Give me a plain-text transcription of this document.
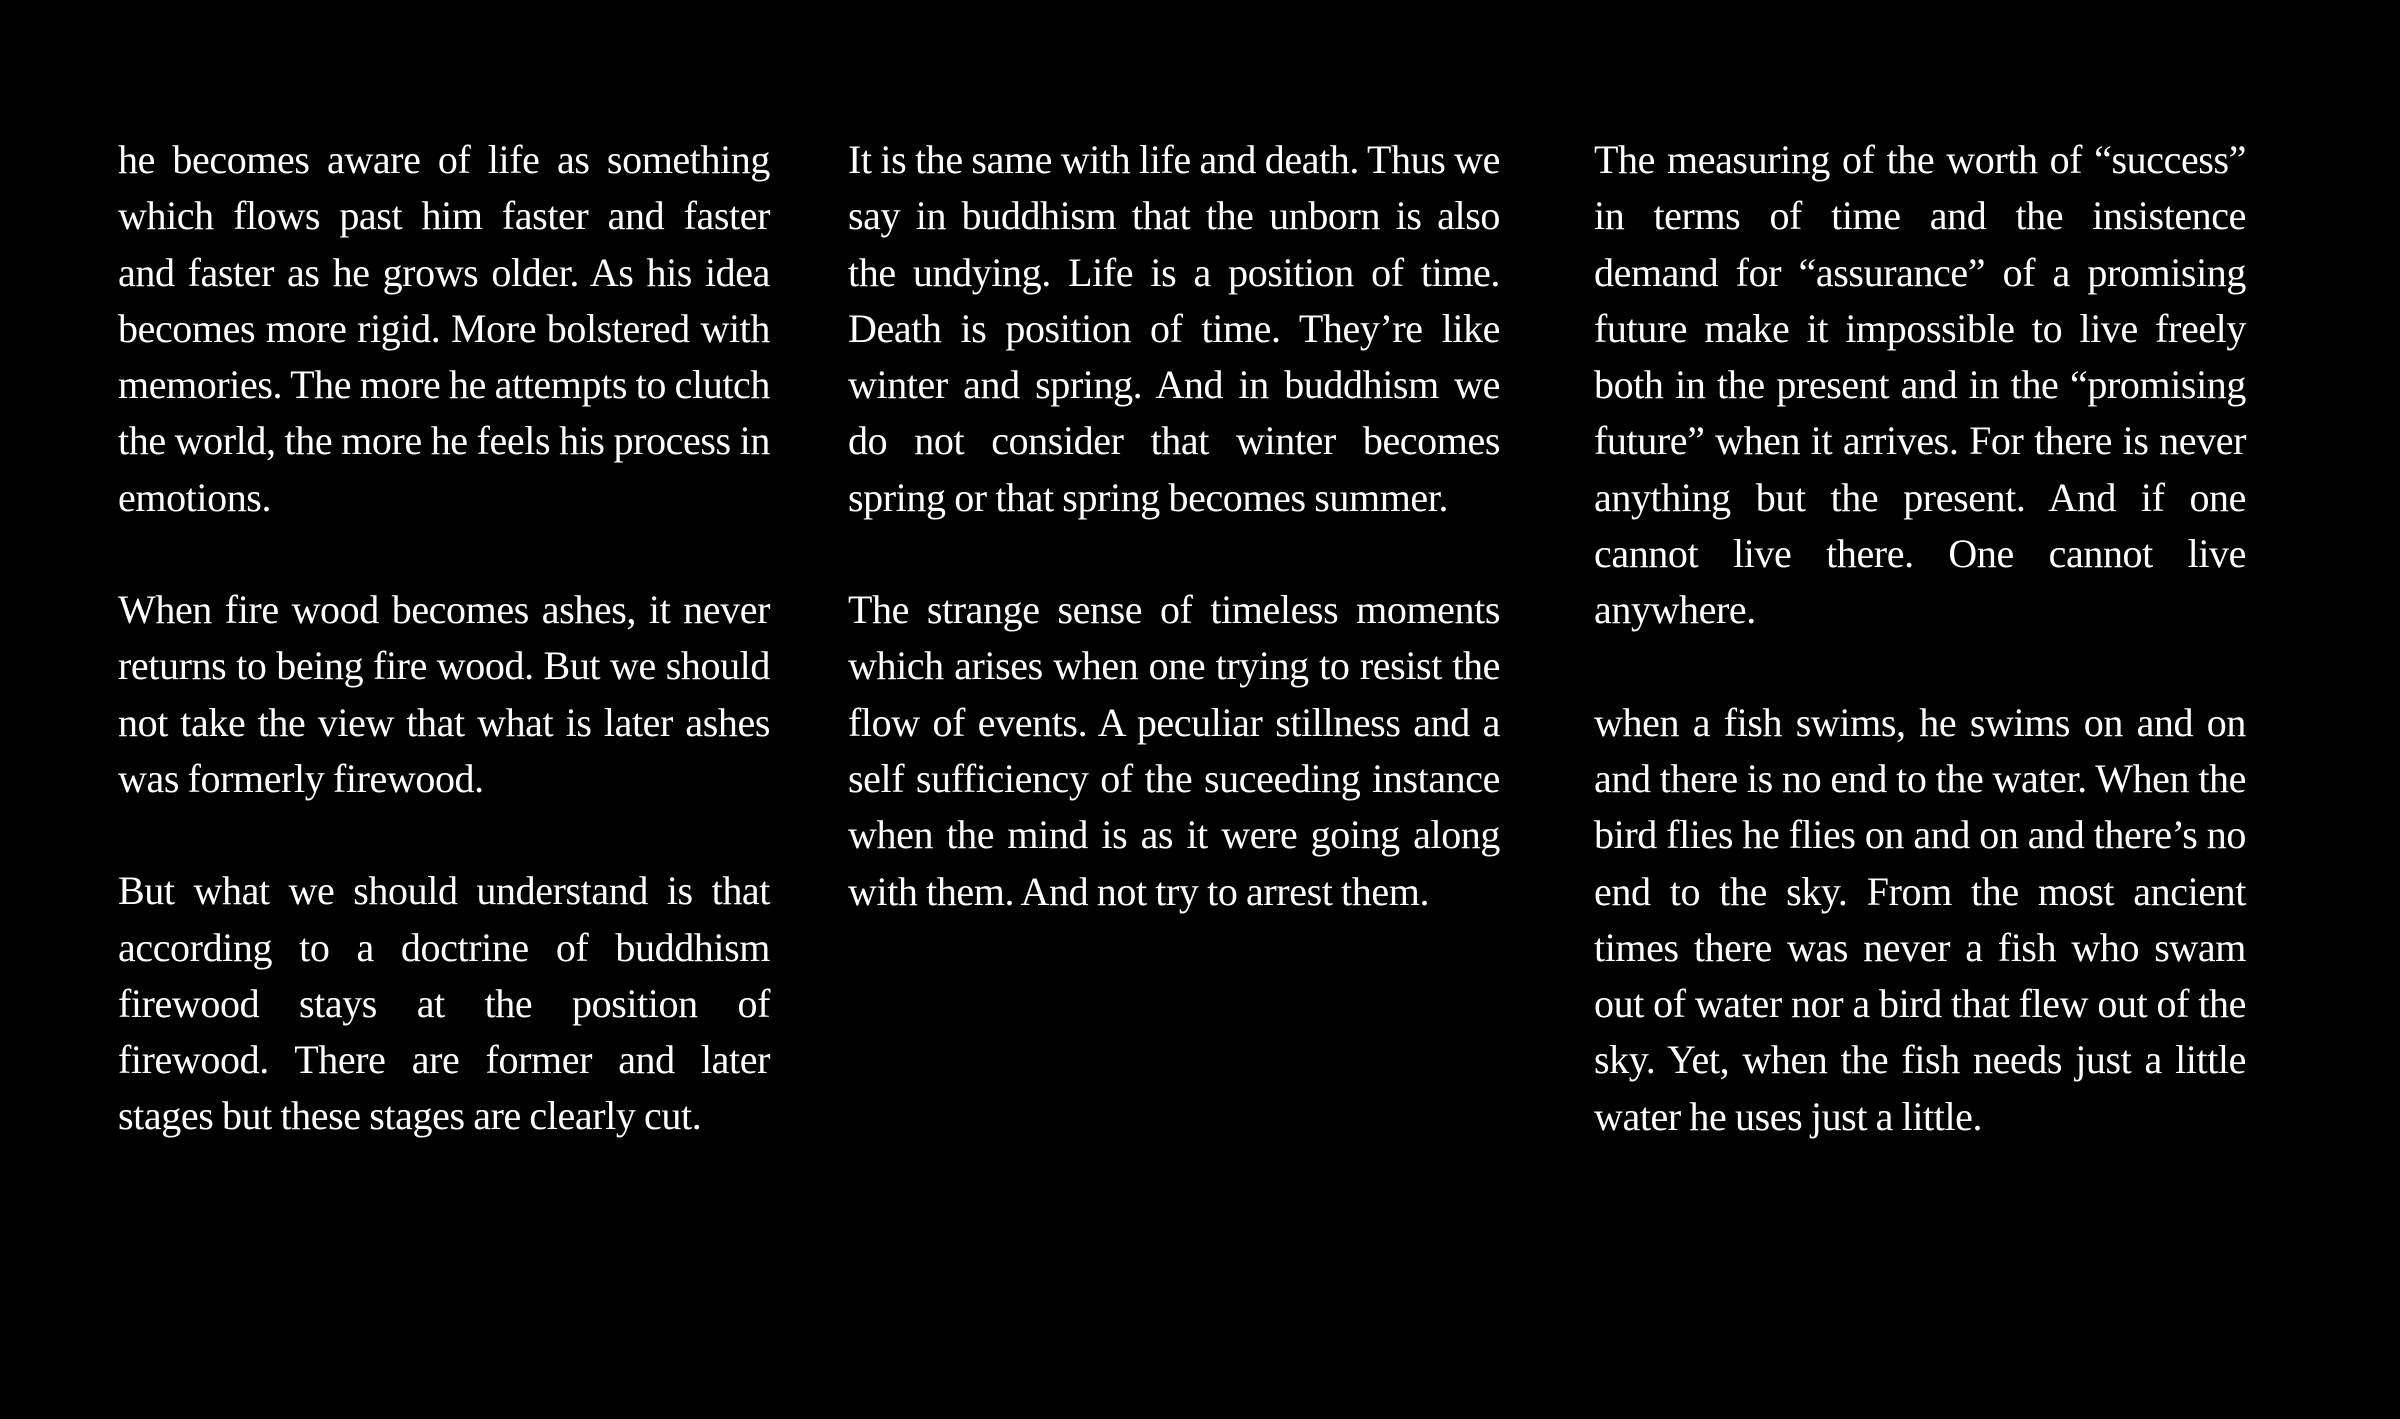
he becomes aware of life as something which flows past him faster and faster and faster as he grows older. As his idea becomes more rigid. More bolstered with memories. The more he attempts to clutch the world, the more he feels his process in emotions.

When fire wood becomes ashes, it never returns to being fire wood. But we should not take the view that what is later ashes was formerly firewood.

But what we should understand is that according to a doctrine of buddhism firewood stays at the position of firewood. There are former and later stages but these stages are clearly cut.

It is the same with life and death. Thus we say in buddhism that the unborn is also the undying. Life is a position of time. Death is position of time. They’re like winter and spring. And in buddhism we do not consider that winter becomes spring or that spring becomes summer.

The strange sense of timeless moments which arises when one trying to resist the flow of events. A peculiar stillness and a self sufficiency of the suceeding instance when the mind is as it were going along with them. And not try to arrest them.

The measuring of the worth of “success” in terms of time and the insistence demand for “assurance” of a promising future make it impossible to live freely both in the present and in the “promising future” when it arrives. For there is never anything but the present. And if one cannot live there. One cannot live anywhere.

when a fish swims, he swims on and on and there is no end to the water. When the bird flies he flies on and on and there’s no end to the sky. From the most ancient times there was never a fish who swam out of water nor a bird that flew out of the sky. Yet, when the fish needs just a little water he uses just a little.
